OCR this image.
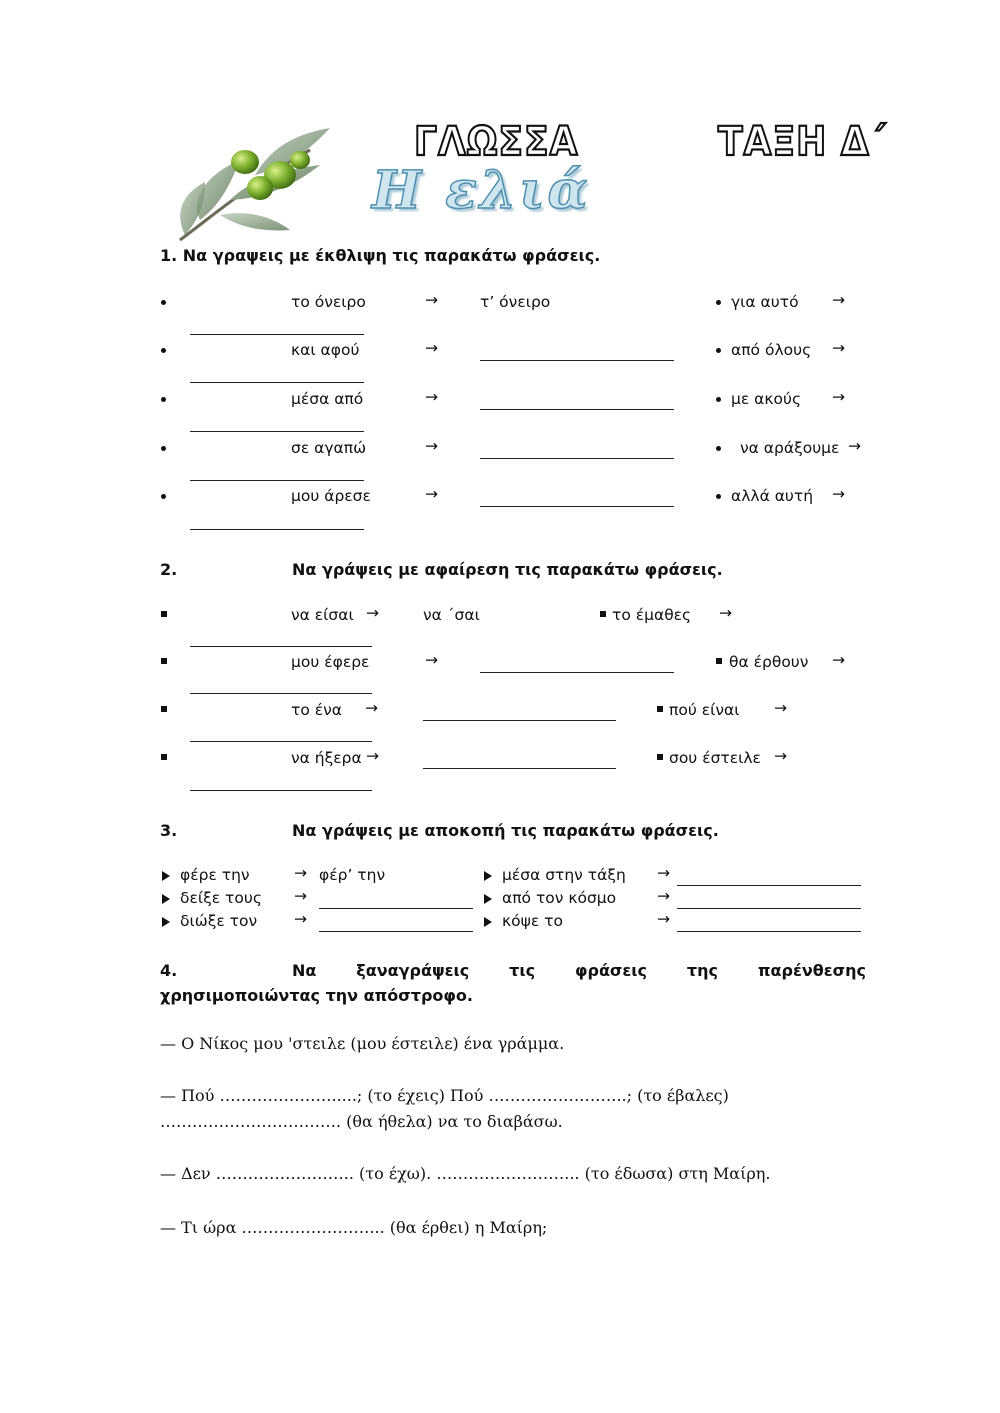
ΓΛΩΣΣΑ	ΤΑΞΗ Δ΄
Η ελιά
1. Να γραψεις με έκθλιψη τις παρακάτω φράσεις.
το όνειρο	→	τ’ όνειρο	για αυτό →
και αφού	→	από όλους →
μέσα από	→	με ακούς →
σε αγαπώ	→	να αράξουμε →
μου άρεσε	→	αλλά αυτή →
2.	Να γράψεις με αφαίρεση τις παρακάτω φράσεις.
να είσαι →	να ΄σαι	το έμαθες →
μου έφερε	→	θα έρθουν →
το ένα →	πού είναι →
να ήξερα →	σου έστειλε →
3.	Να γράψεις με αποκοπή τις παρακάτω φράσεις.
φέρε την	→ φέρ’ την	μέσα στην τάξη →
δείξε τους →	από τον κόσμο	→
διώξε τον →	κόψε το	→
4.	Να ξαναγράψεις τις φράσεις της παρένθεσης
χρησιμοποιώντας την απόστροφο.
— Ο Νίκος μου 'στειλε (μου έστειλε) ένα γράμμα.
— Πού ………………….....; (το έχεις) Πού ……………………..; (το έβαλες)
……………………………. (θα ήθελα) να το διαβάσω.
— Δεν …………………….. (το έχω). ……………………... (το έδωσα) στη Μαίρη.
— Τι ώρα ……………………... (θα έρθει) η Μαίρη;
